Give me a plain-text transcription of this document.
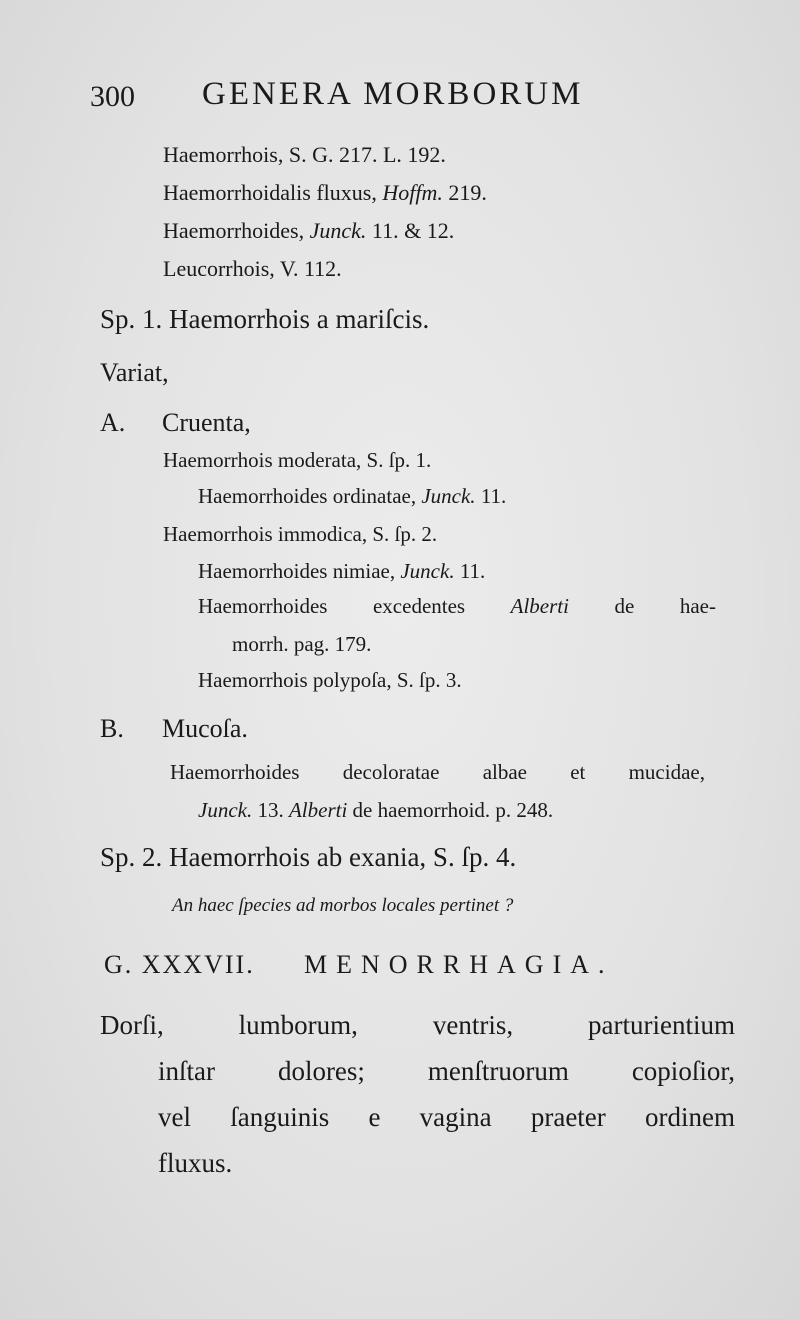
300 GENERA MORBORUM
Haemorrhois, S. G. 217. L. 192.
Haemorrhoidalis fluxus, Hoffm. 219.
Haemorrhoides, Junck. 11. & 12.
Leucorrhois, V. 112.
Sp. 1. Haemorrhois a mariſcis.
Variat,
A. Cruenta,
Haemorrhois moderata, S. ſp. 1.
Haemorrhoides ordinatae, Junck. 11.
Haemorrhois immodica, S. ſp. 2.
Haemorrhoides nimiae, Junck. 11.
Haemorrhoides excedentes Alberti de hae-
morrh. pag. 179.
Haemorrhois polypoſa, S. ſp. 3.
B. Mucoſa.
Haemorrhoides decoloratae albae et mucidae,
Junck. 13. Alberti de haemorrhoid. p. 248.
Sp. 2. Haemorrhois ab exania, S. ſp. 4.
An haec ſpecies ad morbos locales pertinet ?
G. XXXVII. MENORRHAGIA.
Dorſi,	lumborum,	ventris,	parturientium
inſtar dolores; menſtruorum copioſior,
vel ſanguinis e vagina praeter ordinem
fluxus.
